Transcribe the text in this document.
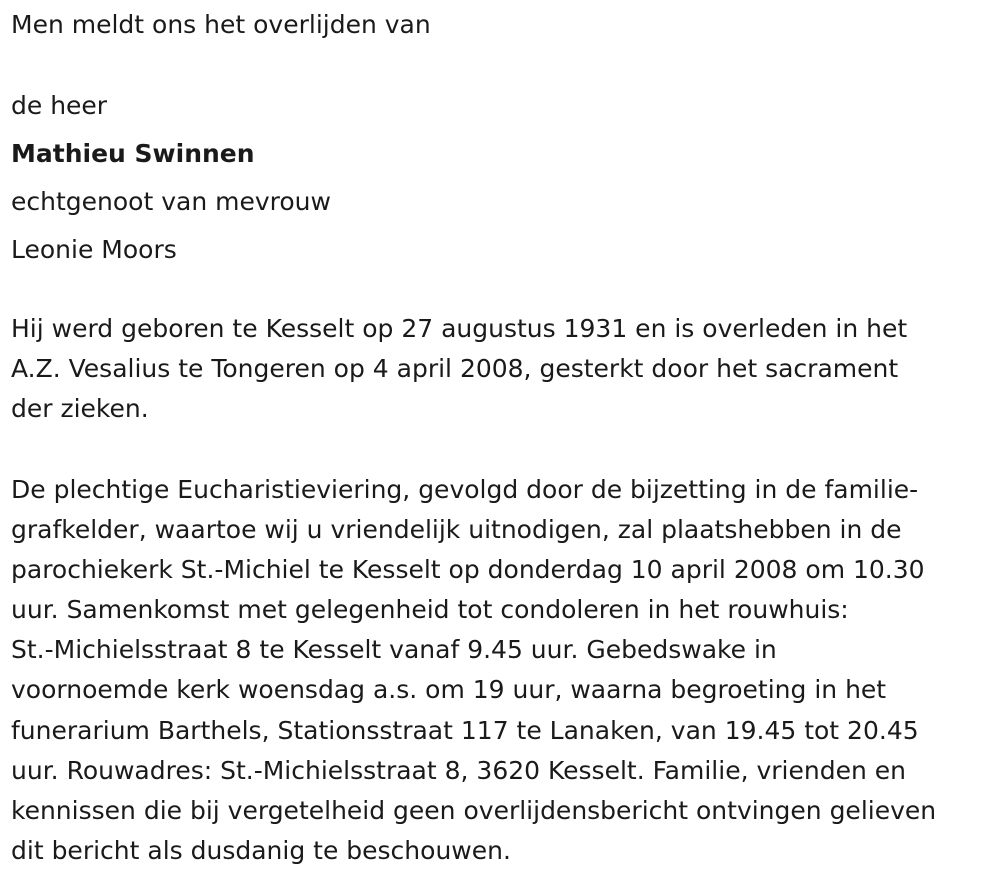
Men meldt ons het overlijden van
de heer
Mathieu Swinnen
echtgenoot van mevrouw
Leonie Moors
Hij werd geboren te Kesselt op 27 augustus 1931 en is overleden in het
A.Z. Vesalius te Tongeren op 4 april 2008, gesterkt door het sacrament
der zieken.
De plechtige Eucharistieviering, gevolgd door de bijzetting in de familie-
grafkelder, waartoe wij u vriendelijk uitnodigen, zal plaatshebben in de
parochiekerk St.-Michiel te Kesselt op donderdag 10 april 2008 om 10.30
uur. Samenkomst met gelegenheid tot condoleren in het rouwhuis:
St.-Michielsstraat 8 te Kesselt vanaf 9.45 uur. Gebedswake in
voornoemde kerk woensdag a.s. om 19 uur, waarna begroeting in het
funerarium Barthels, Stationsstraat 117 te Lanaken, van 19.45 tot 20.45
uur. Rouwadres: St.-Michielsstraat 8, 3620 Kesselt. Familie, vrienden en
kennissen die bij vergetelheid geen overlijdensbericht ontvingen gelieven
dit bericht als dusdanig te beschouwen.
